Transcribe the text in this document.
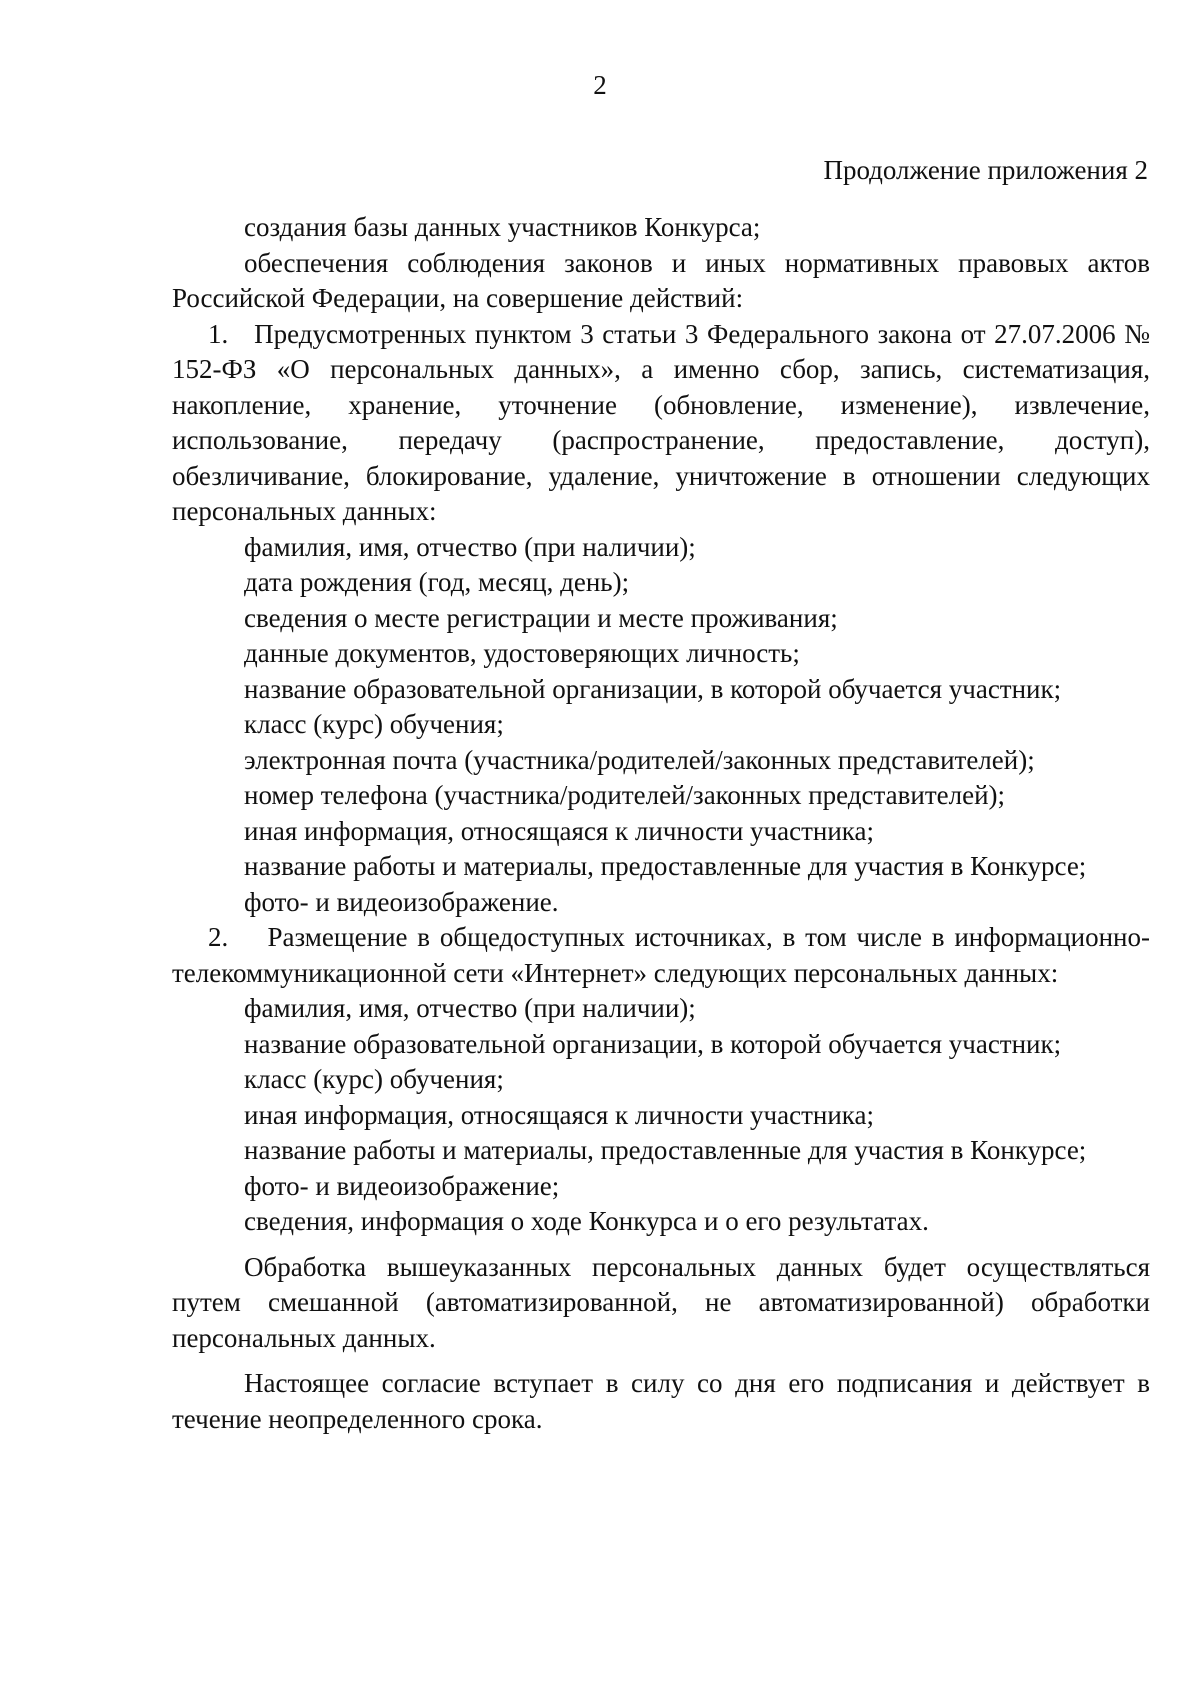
2
Продолжение приложения 2

создания базы данных участников Конкурса;

обеспечения соблюдения законов и иных нормативных правовых актов Российской Федерации, на совершение действий:

1.   Предусмотренных пунктом 3 статьи 3 Федерального закона от 27.07.2006 № 152-ФЗ «О персональных данных», а именно сбор, запись, систематизация, накопление, хранение, уточнение (обновление, изменение), извлечение, использование, передачу (распространение, предоставление, доступ), обезличивание, блокирование, удаление, уничтожение в отношении следующих персональных данных:

фамилия, имя, отчество (при наличии);

дата рождения (год, месяц, день);

сведения о месте регистрации и месте проживания;

данные документов, удостоверяющих личность;

название образовательной организации, в которой обучается участник;

класс (курс) обучения;

электронная почта (участника/родителей/законных представителей);

номер телефона (участника/родителей/законных представителей);

иная информация, относящаяся к личности участника;

название работы и материалы, предоставленные для участия в Конкурсе;

фото- и видеоизображение.

2.    Размещение в общедоступных источниках, в том числе в информационно-телекоммуникационной сети «Интернет» следующих персональных данных:

фамилия, имя, отчество (при наличии);

название образовательной организации, в которой обучается участник;

класс (курс) обучения;

иная информация, относящаяся к личности участника;

название работы и материалы, предоставленные для участия в Конкурсе;

фото- и видеоизображение;

сведения, информация о ходе Конкурса и о его результатах.

Обработка вышеуказанных персональных данных будет осуществляться путем смешанной (автоматизированной, не автоматизированной) обработки персональных данных.

Настоящее согласие вступает в силу со дня его подписания и действует в течение неопределенного срока.
